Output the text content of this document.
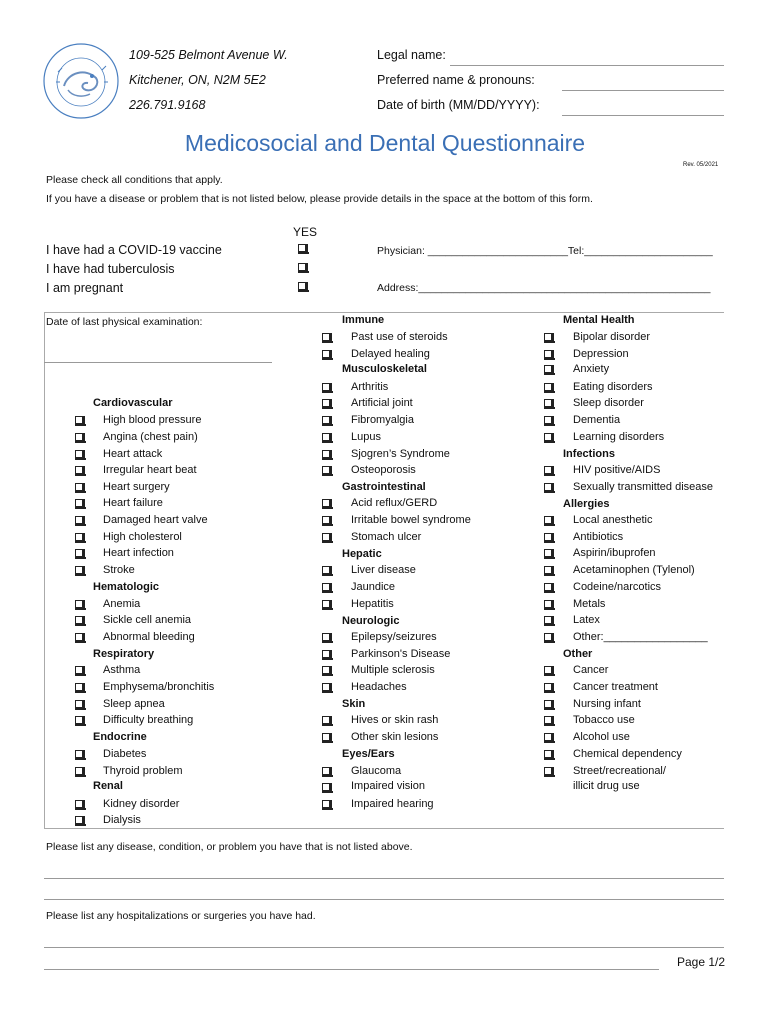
109-525 Belmont Avenue W.
Kitchener, ON, N2M 5E2
226.791.9168
Legal name:
Preferred name & pronouns:
Date of birth (MM/DD/YYYY):
Medicosocial and Dental Questionnaire
Rev. 05/2021
Please check all conditions that apply.
If you have a disease or problem that is not listed below, please provide details in the space at the bottom of this form.
YES
I have had a COVID-19 vaccine
I have had tuberculosis
I am pregnant
Physician: ________________________Tel:______________________
Address:__________________________________________________
Date of last physical examination:
Cardiovascular
High blood pressure
Angina (chest pain)
Heart attack
Irregular heart beat
Heart surgery
Heart failure
Damaged heart valve
High cholesterol
Heart infection
Stroke
Hematologic
Anemia
Sickle cell anemia
Abnormal bleeding
Respiratory
Asthma
Emphysema/bronchitis
Sleep apnea
Difficulty breathing
Endocrine
Diabetes
Thyroid problem
Renal
Kidney disorder
Dialysis
Immune
Past use of steroids
Delayed healing
Musculoskeletal
Arthritis
Artificial joint
Fibromyalgia
Lupus
Sjogren’s Syndrome
Osteoporosis
Gastrointestinal
Acid reflux/GERD
Irritable bowel syndrome
Stomach ulcer
Hepatic
Liver disease
Jaundice
Hepatitis
Neurologic
Epilepsy/seizures
Parkinson's Disease
Multiple sclerosis
Headaches
Skin
Hives or skin rash
Other skin lesions
Eyes/Ears
Glaucoma
Impaired vision
Impaired hearing
Mental Health
Bipolar disorder
Depression
Anxiety
Eating disorders
Sleep disorder
Dementia
Learning disorders
Infections
HIV positive/AIDS
Sexually transmitted disease
Allergies
Local anesthetic
Antibiotics
Aspirin/ibuprofen
Acetaminophen (Tylenol)
Codeine/narcotics
Metals
Latex
Other:_________________
Other
Cancer
Cancer treatment
Nursing infant
Tobacco use
Alcohol use
Chemical dependency
Street/recreational/
illicit drug use
Please list any disease, condition, or problem you have that is not listed above.
Please list any hospitalizations or surgeries you have had.
Page 1/2
